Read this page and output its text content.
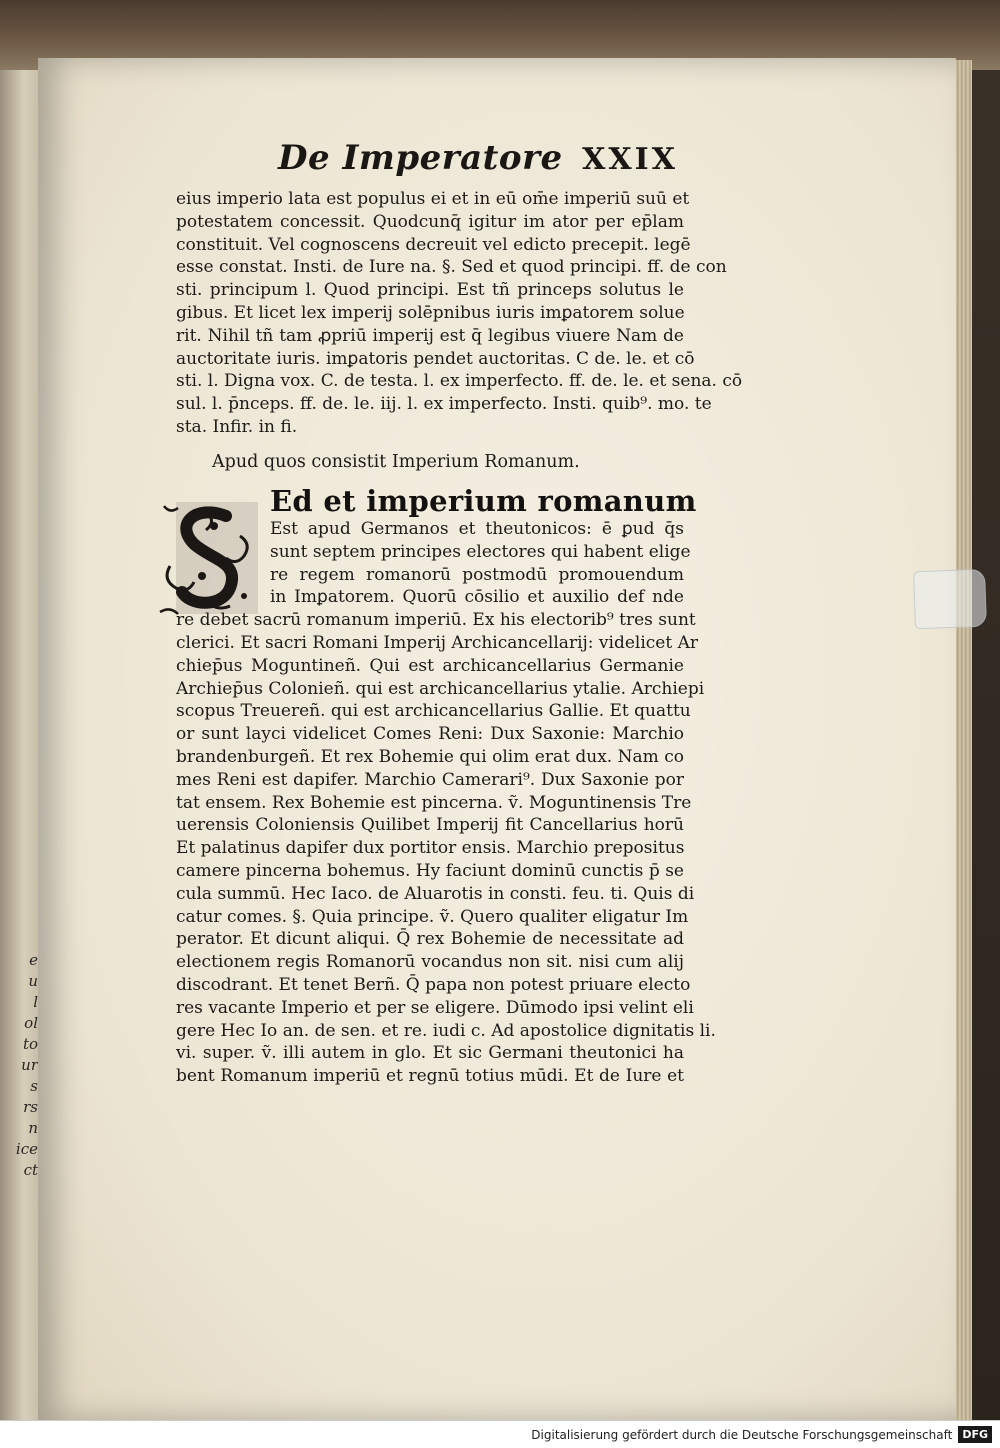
e
u
l
ol
to
ur
s
rs
n
ice
ct
De Imperatore XXIX
eius imperio lata est populus ei et in eū om̄e imperiū suū et
potestatem concessit. Quodcunq̄ igitur im ator per ep̄lam
constituit. Vel cognoscens decreuit vel edicto precepit. legē
esse constat. Insti. de Iure na. §. Sed et quod principi. ff. de con
sti. principum l. Quod principi. Est tñ princeps solutus le
gibus. Et licet lex imperij solēpnibus iuris imꝑatorem solue
rit. Nihil tñ tam ꝓpriū imperij est q̄ legibus viuere Nam de
auctoritate iuris. imꝑatoris pendet auctoritas. C de. le. et cō
sti. l. Digna vox. C. de testa. l. ex imperfecto. ff. de. le. et sena. cō
sul. l. p̄nceps. ff. de. le. iij. l. ex imperfecto. Insti. quib⁹. mo. te
sta. Infir. in fi.
Apud quos consistit Imperium Romanum.
Ed et imperium romanum
Est apud Germanos et theutonicos: ē ꝑud q̄s
sunt septem principes electores qui habent elige
re regem romanorū postmodū promouendum
in Imꝑatorem. Quorū cōsilio et auxilio def nde
re debet sacrū romanum imperiū. Ex his electorib⁹ tres sunt
clerici. Et sacri Romani Imperij Archicancellarij: videlicet Ar
chiep̄us Moguntineñ. Qui est archicancellarius Germanie
Archiep̄us Colonieñ. qui est archicancellarius ytalie. Archiepi
scopus Treuereñ. qui est archicancellarius Gallie. Et quattu
or sunt layci videlicet Comes Reni: Dux Saxonie: Marchio
brandenburgeñ. Et rex Bohemie qui olim erat dux. Nam co
mes Reni est dapifer. Marchio Camerari⁹. Dux Saxonie por
tat ensem. Rex Bohemie est pincerna. ṽ. Moguntinensis Tre
uerensis Coloniensis Quilibet Imperij fit Cancellarius horū
Et palatinus dapifer dux portitor ensis. Marchio prepositus
camere pincerna bohemus. Hy faciunt dominū cunctis p̄ se
cula summū. Hec Iaco. de Aluarotis in consti. feu. ti. Quis di
catur comes. §. Quia principe. ṽ. Quero qualiter eligatur Im
perator. Et dicunt aliqui. Q̄ rex Bohemie de necessitate ad
electionem regis Romanorū vocandus non sit. nisi cum alij
discodrant. Et tenet Berñ. Q̄ papa non potest priuare electo
res vacante Imperio et per se eligere. Dūmodo ipsi velint eli
gere Hec Io an. de sen. et re. iudi c. Ad apostolice dignitatis li.
vi. super. ṽ. illi autem in glo. Et sic Germani theutonici ha
bent Romanum imperiū et regnū totius mūdi. Et de Iure et
Digitalisierung gefördert durch die Deutsche Forschungsgemeinschaft DFG
